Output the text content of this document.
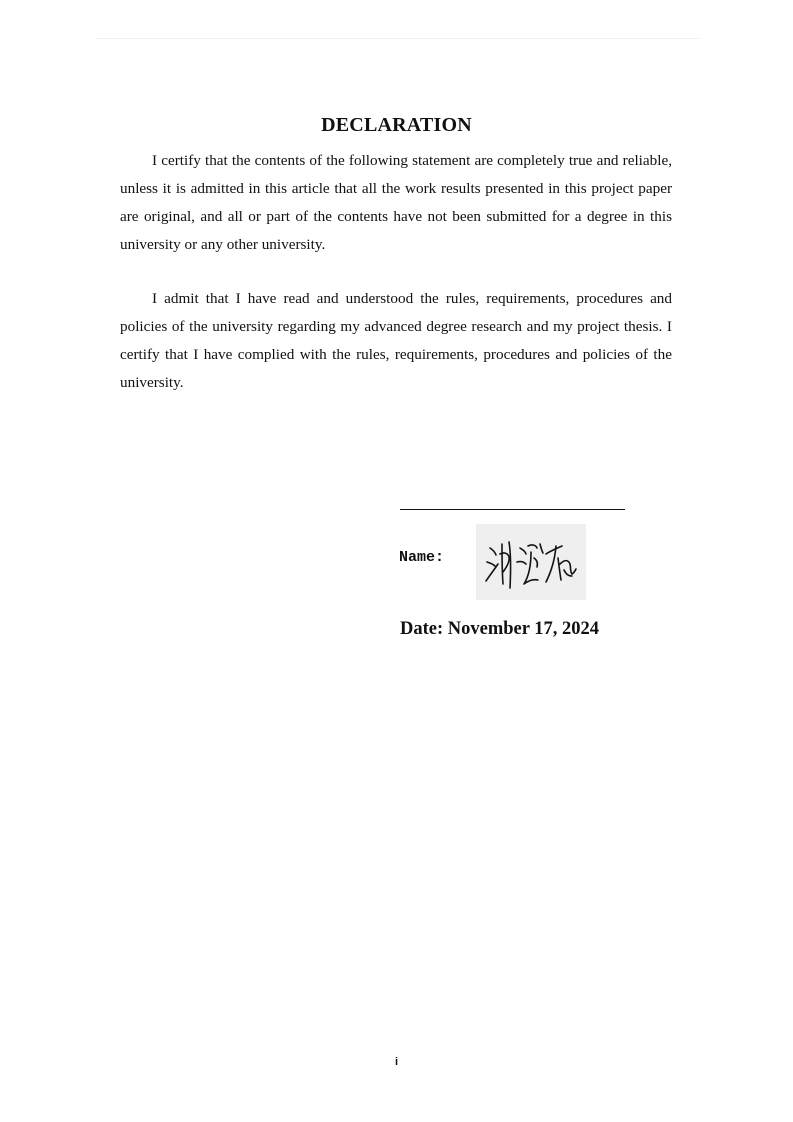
DECLARATION

I certify that the contents of the following statement are completely true and reliable, unless it is admitted in this article that all the work results presented in this project paper are original, and all or part of the contents have not been submitted for a degree in this university or any other university.

I admit that I have read and understood the rules, requirements, procedures and policies of the university regarding my advanced degree research and my project thesis. I certify that I have complied with the rules, requirements, procedures and policies of the university.

Name:
Date: November 17, 2024
i
